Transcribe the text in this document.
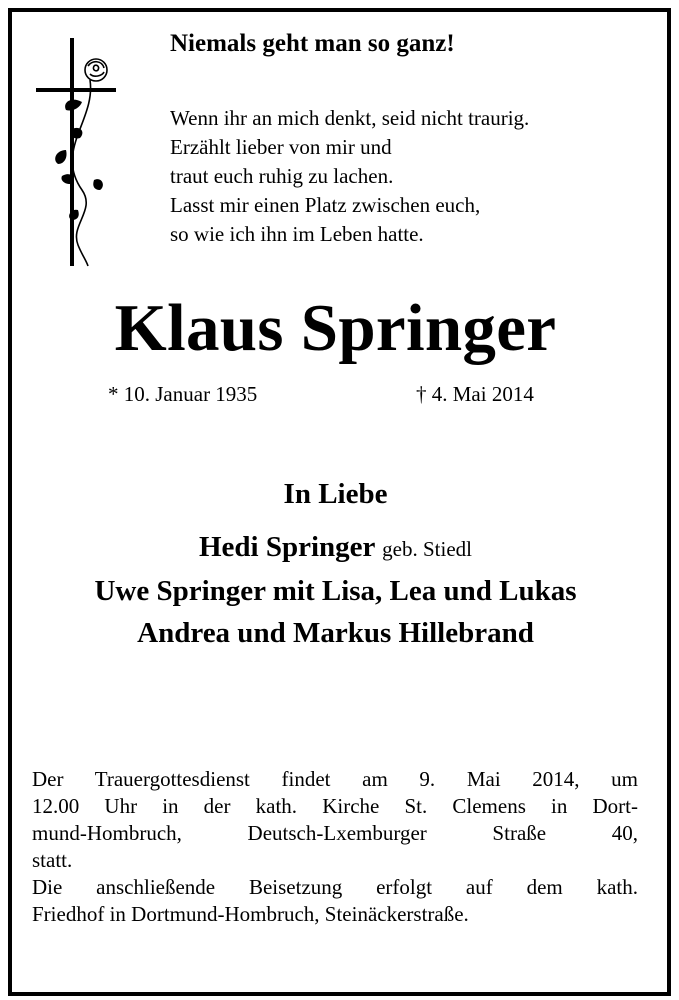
Niemals geht man so ganz!
Wenn ihr an mich denkt, seid nicht traurig.
Erzählt lieber von mir und
traut euch ruhig zu lachen.
Lasst mir einen Platz zwischen euch,
so wie ich ihn im Leben hatte.
Klaus Springer
* 10. Januar 1935	† 4. Mai 2014
In Liebe
Hedi Springer geb. Stiedl
Uwe Springer mit Lisa, Lea und Lukas
Andrea und Markus Hillebrand
Der Trauergottesdienst findet am 9. Mai 2014, um
12.00 Uhr in der kath. Kirche St. Clemens in Dort-
mund-Hombruch, Deutsch-Lxemburger Straße 40,
statt.
Die anschließende Beisetzung erfolgt auf dem kath.
Friedhof in Dortmund-Hombruch, Steinäckerstraße.
